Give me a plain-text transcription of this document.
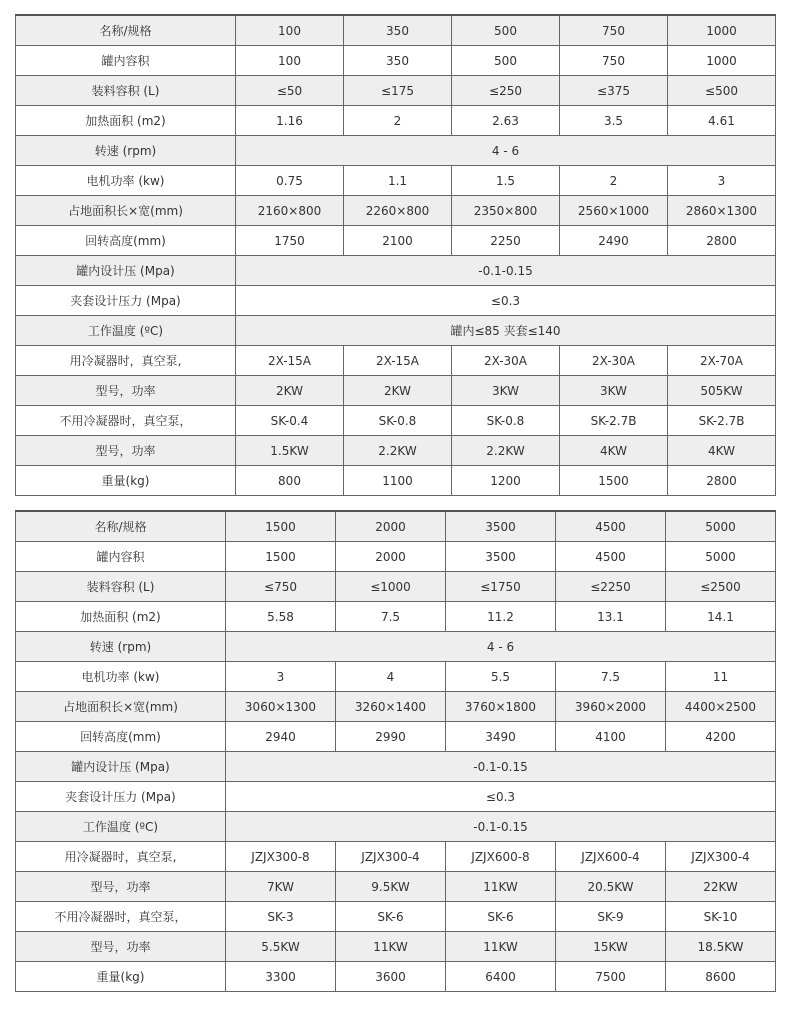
名称/规格	100	350	500	750	1000
罐内容积	100	350	500	750	1000
装料容积 (L)	≤50	≤175	≤250	≤375	≤500
加热面积 (m2)	1.16	2	2.63	3.5	4.61
转速 (rpm)	4 - 6				
电机功率 (kw)	0.75	1.1	1.5	2	3
占地面积长×宽(mm)	2160×800	2260×800	2350×800	2560×1000	2860×1300
回转高度(mm)	1750	2100	2250	2490	2800
罐内设计压 (Mpa)	-0.1-0.15				
夹套设计压力 (Mpa)	≤0.3				
工作温度 (ºC)	罐内≤85 夹套≤140				
用冷凝器时，真空泵,	2X-15A	2X-15A	2X-30A	2X-30A	2X-70A
型号，功率	2KW	2KW	3KW	3KW	505KW
不用冷凝器时，真空泵，	SK-0.4	SK-0.8	SK-0.8	SK-2.7B	SK-2.7B
型号，功率	1.5KW	2.2KW	2.2KW	4KW	4KW
重量(kg)	800	1100	1200	1500	2800
名称/规格	1500	2000	3500	4500	5000
罐内容积	1500	2000	3500	4500	5000
装料容积 (L)	≤750	≤1000	≤1750	≤2250	≤2500
加热面积 (m2)	5.58	7.5	11.2	13.1	14.1
转速 (rpm)	4 - 6				
电机功率 (kw)	3	4	5.5	7.5	11
占地面积长×宽(mm)	3060×1300	3260×1400	3760×1800	3960×2000	4400×2500
回转高度(mm)	2940	2990	3490	4100	4200
罐内设计压 (Mpa)	-0.1-0.15				
夹套设计压力 (Mpa)	≤0.3				
工作温度 (ºC)	-0.1-0.15				
用冷凝器时，真空泵,	JZJX300-8	JZJX300-4	JZJX600-8	JZJX600-4	JZJX300-4
型号，功率	7KW	9.5KW	11KW	20.5KW	22KW
不用冷凝器时，真空泵，	SK-3	SK-6	SK-6	SK-9	SK-10
型号，功率	5.5KW	11KW	11KW	15KW	18.5KW
重量(kg)	3300	3600	6400	7500	8600
